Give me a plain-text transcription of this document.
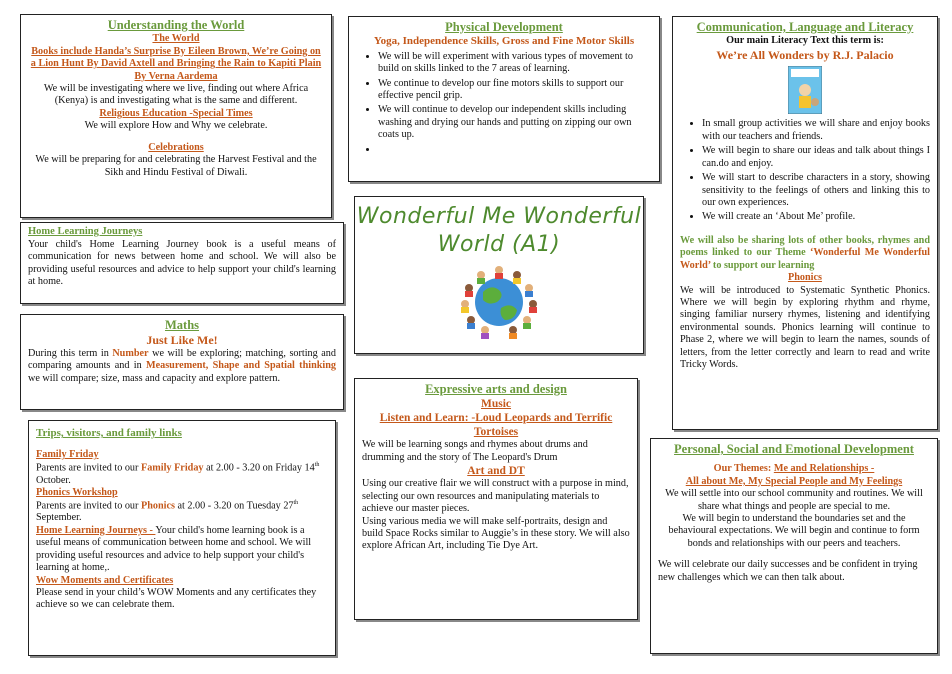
Understanding the World

The World

Books include Handa’s Surprise By Eileen Brown, We’re Going on a Lion Hunt By David Axtell and Bringing the Rain to Kapiti Plain By Verna Aardema

We will be investigating where we live, finding out where Africa (Kenya) is and investigating what is the same and different.

Religious Education -Special Times

We will explore How and Why we celebrate.

Celebrations

We will be preparing for and celebrating the Harvest Festival and the Sikh and Hindu Festival of Diwali.

Home Learning Journeys

Your child's Home Learning Journey book is a useful means of communication for news between home and school. We will also be providing useful resources and advice to help support your child's learning at home.

Maths

Just Like Me!

During this term in Number we will be exploring; matching, sorting and comparing amounts and in Measurement, Shape and Spatial thinking we will compare; size, mass and capacity and explore pattern.

Trips, visitors, and family links

Family Friday

Parents are invited to our Family Friday at 2.00 - 3.20 on Friday 14th October.

Phonics Workshop

Parents are invited to our Phonics at 2.00 - 3.20 on Tuesday 27th September.

Home Learning Journeys - Your child's home learning book is a useful means of communication between home and school. We will providing useful resources and advice to help support your child's learning at home,.

Wow Moments and Certificates

Please send in your child’s WOW Moments and any certificates they achieve so we can celebrate them.

Physical Development

Yoga, Independence Skills, Gross and Fine Motor Skills

• We will be will experiment with various types of movement to build on skills linked to the 7 areas of learning.
• We continue to develop our fine motors skills to support our effective pencil grip.
• We will continue to develop our independent skills including washing and drying our hands and putting on zipping our own coats up.
•
Wonderful Me Wonderful
World (A1)

Expressive arts and design

Music

Listen and Learn: -Loud Leopards and Terrific Tortoises

We will be learning songs and rhymes about drums and drumming and the story of The Leopard's Drum

Art and DT

Using our creative flair we will construct with a purpose in mind, selecting our own resources and manipulating materials to achieve our master pieces.

Using various media we will make self-portraits, design and build Space Rocks similar to Auggie’s in these story. We will also explore African Art, including Tie Dye Art.

Communication, Language and Literacy

Our main Literacy Text this term is:

We’re All Wonders by R.J. Palacio

• In small group activities we will share and enjoy books with our teachers and friends.
• We will begin to share our ideas and talk about things I can.do and enjoy.
• We will start to describe characters in a story, showing sensitivity to the feelings of others and linking this to our own experiences.
• We will create an ‘About Me’ profile.

We will also be sharing lots of other books, rhymes and poems linked to our Theme ‘Wonderful Me Wonderful World’ to support our learning

Phonics

We will be introduced to Systematic Synthetic Phonics. Where we will begin by exploring rhythm and rhyme, singing familiar nursery rhymes, listening and identifying environmental sounds. Phonics learning will continue to Phase 2, where we will begin to learn the names, sounds of letters, from the letter correctly and learn to read and write Tricky Words.

Personal, Social and Emotional Development

Our Themes: Me and Relationships -

All about Me, My Special People and My Feelings

We will settle into our school community and routines. We will share what things and people are special to me.

We will begin to understand the boundaries set and the behavioural expectations. We will begin and continue to form bonds and relationships with our peers and teachers.

We will celebrate our daily successes and be confident in trying new challenges which we can then talk about.
